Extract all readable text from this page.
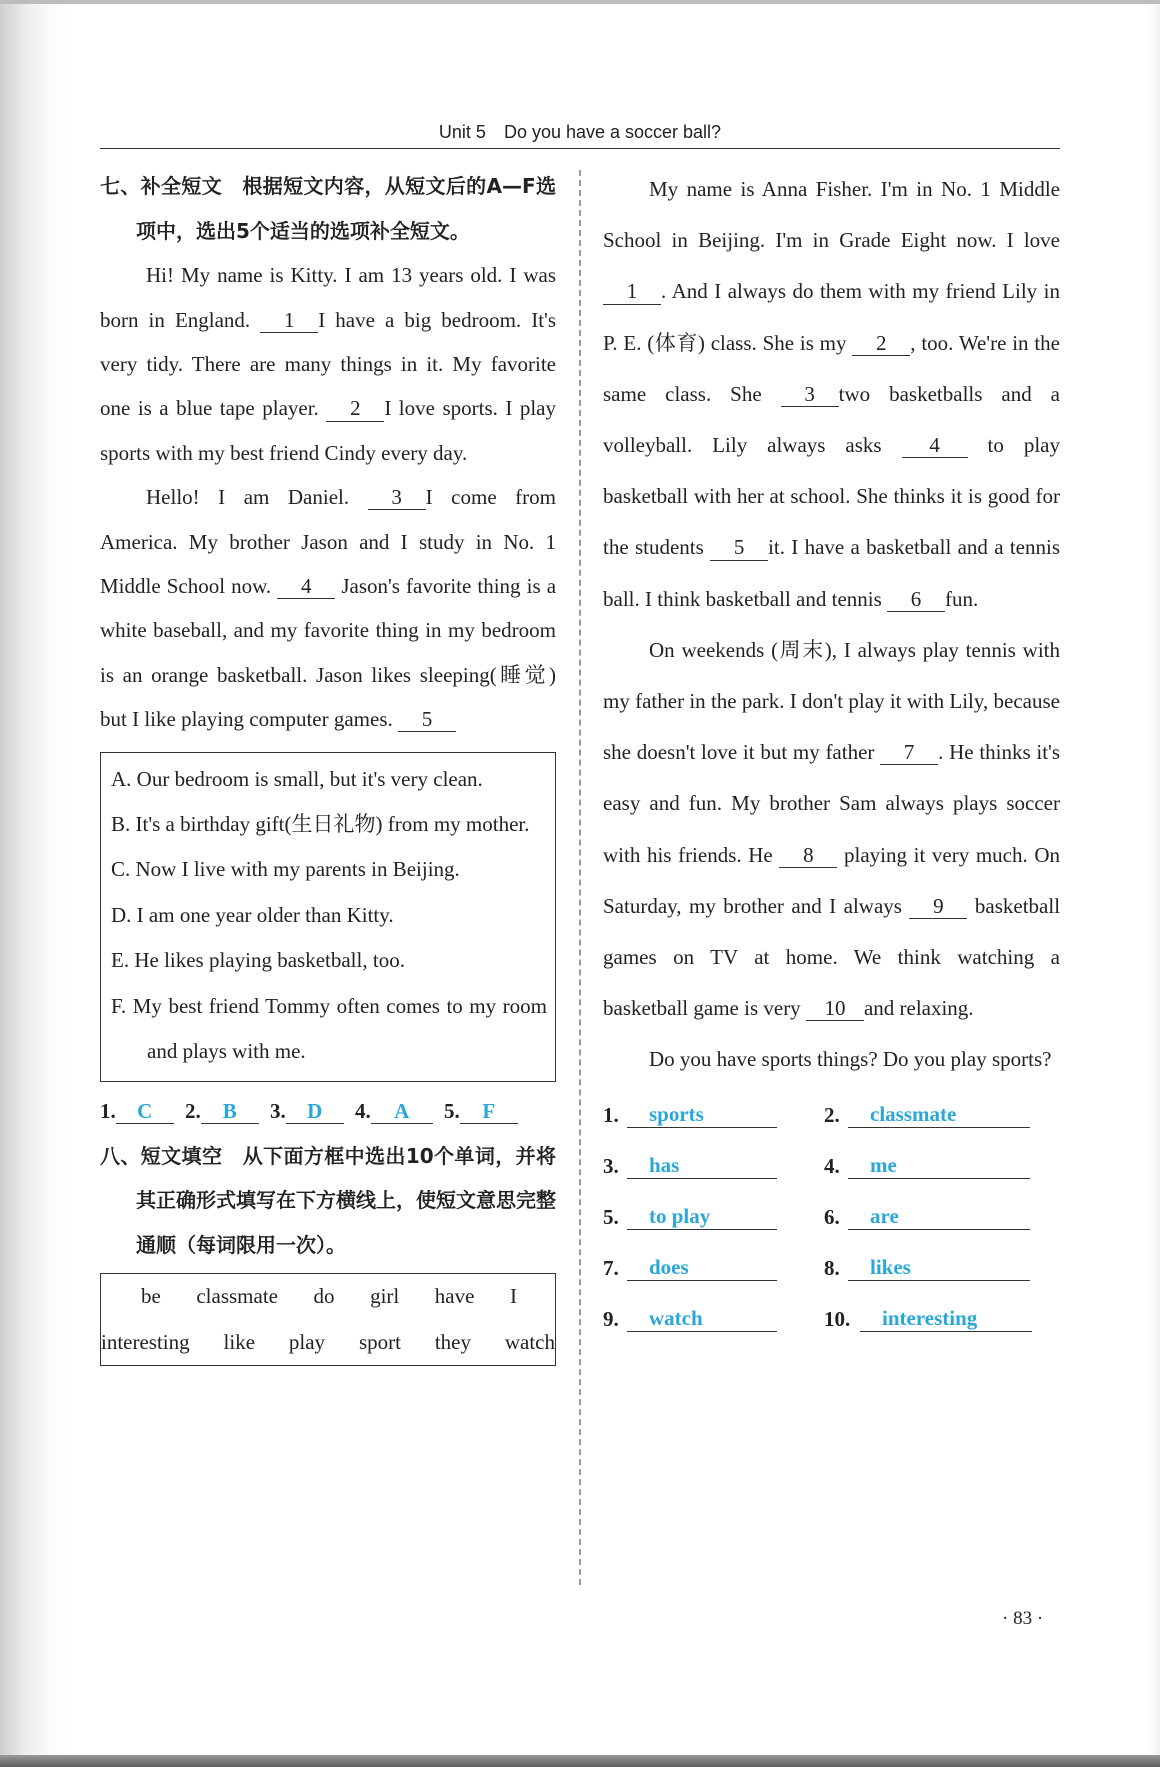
Unit 5　Do you have a soccer ball?
七、补全短文　根据短文内容，从短文后的A—F选项中，选出5个适当的选项补全短文。

Hi! My name is Kitty. I am 13 years old. I was born in England. 1 I have a big bedroom. It's very tidy. There are many things in it. My favorite one is a blue tape player. 2 I love sports. I play sports with my best friend Cindy every day.

Hello! I am Daniel. 3 I come from America. My brother Jason and I study in No. 1 Middle School now. 4 Jason's favorite thing is a white baseball, and my favorite thing in my bedroom is an orange basketball. Jason likes sleeping(睡觉) but I like playing computer games. 5

A. Our bedroom is small, but it's very clean.
B. It's a birthday gift(生日礼物) from my mother.
C. Now I live with my parents in Beijing.
D. I am one year older than Kitty.
E. He likes playing basketball, too.
F. My best friend Tommy often comes to my room and plays with me.
1. C 2. B 3. D 4. A 5. F
八、短文填空　从下面方框中选出10个单词，并将其正确形式填写在下方横线上，使短文意思完整通顺（每词限用一次）。
be classmate do girl have I
interesting like play sport they watch

My name is Anna Fisher. I'm in No. 1 Middle School in Beijing. I'm in Grade Eight now. I love 1 . And I always do them with my friend Lily in P. E. (体育) class. She is my 2 , too. We're in the same class. She 3 two basketballs and a volleyball. Lily always asks 4 to play basketball with her at school. She thinks it is good for the students 5 it. I have a basketball and a tennis ball. I think basketball and tennis 6 fun.

On weekends (周末), I always play tennis with my father in the park. I don't play it with Lily, because she doesn't love it but my father 7 . He thinks it's easy and fun. My brother Sam always plays soccer with his friends. He 8 playing it very much. On Saturday, my brother and I always 9 basketball games on TV at home. We think watching a basketball game is very 10 and relaxing.

Do you have sports things? Do you play sports?

1.	sports	2.	classmate
3.	has	4.	me
5.	to play	6.	are
7.	does	8.	likes
9.	watch	10.	interesting
· 83 ·
